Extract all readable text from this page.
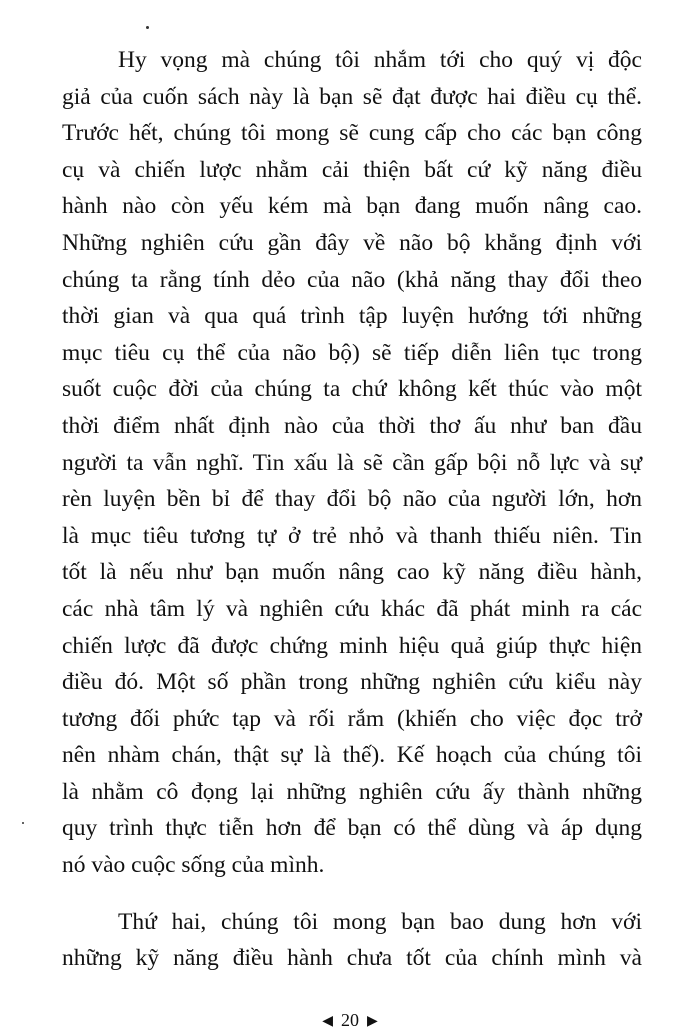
Hy vọng mà chúng tôi nhắm tới cho quý vị độc
giả của cuốn sách này là bạn sẽ đạt được hai điều cụ thể.
Trước hết, chúng tôi mong sẽ cung cấp cho các bạn công
cụ và chiến lược nhằm cải thiện bất cứ kỹ năng điều
hành nào còn yếu kém mà bạn đang muốn nâng cao.
Những nghiên cứu gần đây về não bộ khẳng định với
chúng ta rằng tính dẻo của não (khả năng thay đổi theo
thời gian và qua quá trình tập luyện hướng tới những
mục tiêu cụ thể của não bộ) sẽ tiếp diễn liên tục trong
suốt cuộc đời của chúng ta chứ không kết thúc vào một
thời điểm nhất định nào của thời thơ ấu như ban đầu
người ta vẫn nghĩ. Tin xấu là sẽ cần gấp bội nỗ lực và sự
rèn luyện bền bỉ để thay đổi bộ não của người lớn, hơn
là mục tiêu tương tự ở trẻ nhỏ và thanh thiếu niên. Tin
tốt là nếu như bạn muốn nâng cao kỹ năng điều hành,
các nhà tâm lý và nghiên cứu khác đã phát minh ra các
chiến lược đã được chứng minh hiệu quả giúp thực hiện
điều đó. Một số phần trong những nghiên cứu kiểu này
tương đối phức tạp và rối rắm (khiến cho việc đọc trở
nên nhàm chán, thật sự là thế). Kế hoạch của chúng tôi
là nhằm cô đọng lại những nghiên cứu ấy thành những
quy trình thực tiễn hơn để bạn có thể dùng và áp dụng
nó vào cuộc sống của mình.
Thứ hai, chúng tôi mong bạn bao dung hơn với
những kỹ năng điều hành chưa tốt của chính mình và
◀ 20 ▶
